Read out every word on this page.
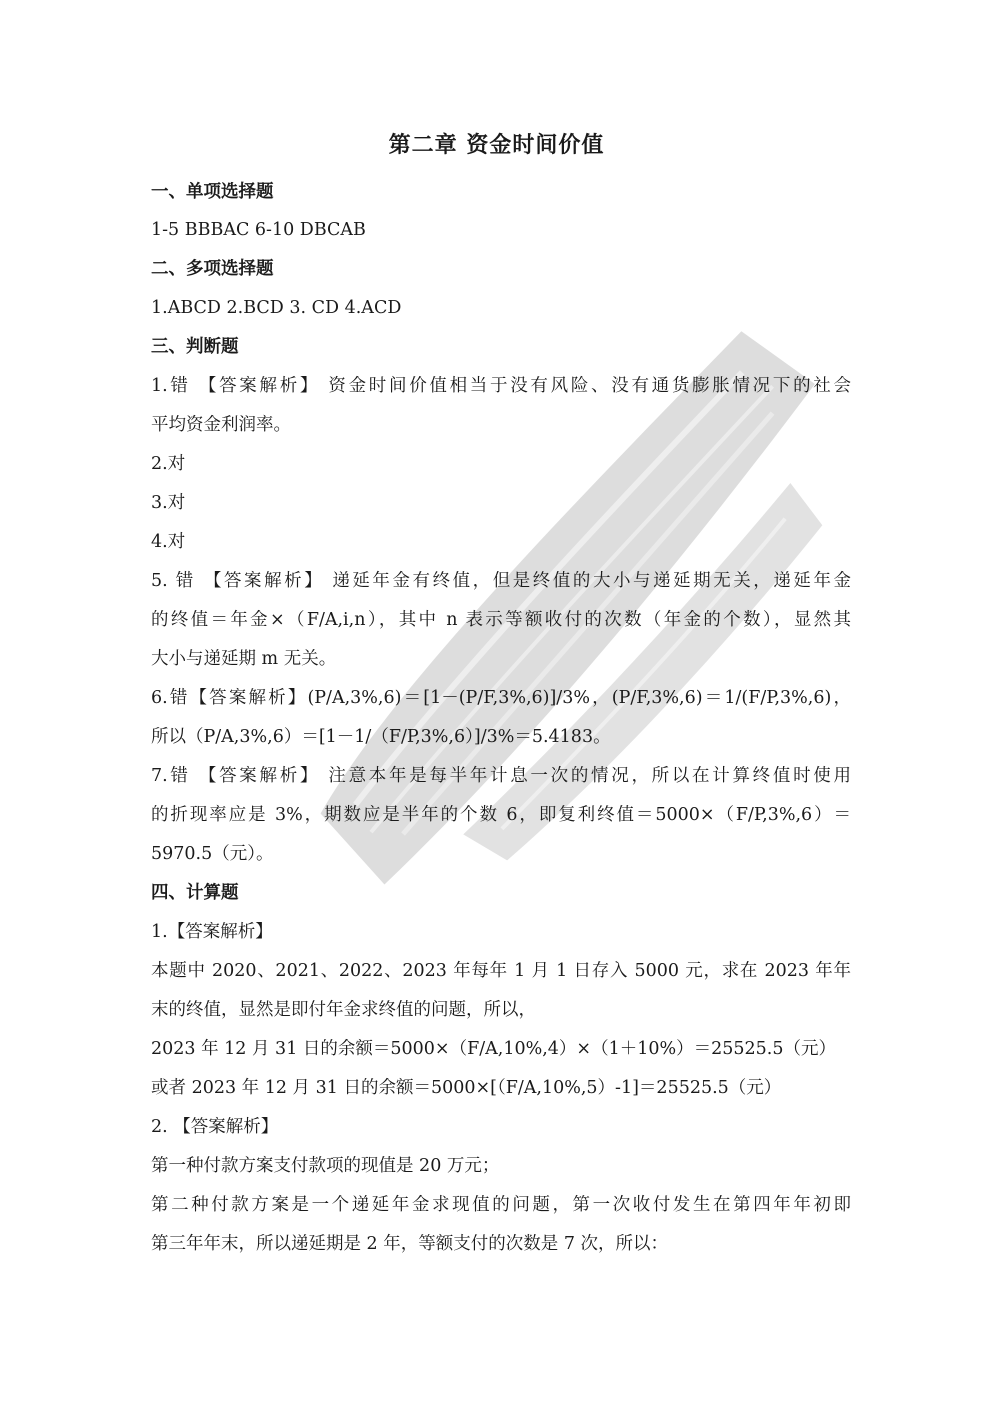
第二章 资金时间价值
一、单项选择题
1-5 BBBAC 6-10 DBCAB
二、多项选择题
1.ABCD 2.BCD 3. CD 4.ACD
三、判断题
1.错 【答案解析】 资金时间价值相当于没有风险、没有通货膨胀情况下的社会
平均资金利润率。
2.对
3.对
4.对
5. 错 【答案解析】 递延年金有终值，但是终值的大小与递延期无关，递延年金
的终值＝年金×（F/A,i,n），其中 n 表示等额收付的次数（年金的个数），显然其
大小与递延期 m 无关。
6.错【答案解析】(P/A,3%,6)＝[1－(P/F,3%,6)]/3%，(P/F,3%,6)＝1/(F/P,3%,6)，
所以（P/A,3%,6）＝[1－1/（F/P,3%,6）]/3%＝5.4183。
7.错 【答案解析】 注意本年是每半年计息一次的情况，所以在计算终值时使用
的折现率应是 3%，期数应是半年的个数 6，即复利终值＝5000×（F/P,3%,6）＝
5970.5（元）。
四、计算题
1.【答案解析】
本题中 2020、2021、2022、2023 年每年 1 月 1 日存入 5000 元，求在 2023 年年
末的终值，显然是即付年金求终值的问题，所以，
2023 年 12 月 31 日的余额＝5000×（F/A,10%,4）×（1＋10%）＝25525.5（元）
或者 2023 年 12 月 31 日的余额＝5000×[（F/A,10%,5）-1]＝25525.5（元）
2. 【答案解析】
第一种付款方案支付款项的现值是 20 万元；
第二种付款方案是一个递延年金求现值的问题，第一次收付发生在第四年年初即
第三年年末，所以递延期是 2 年，等额支付的次数是 7 次，所以：
